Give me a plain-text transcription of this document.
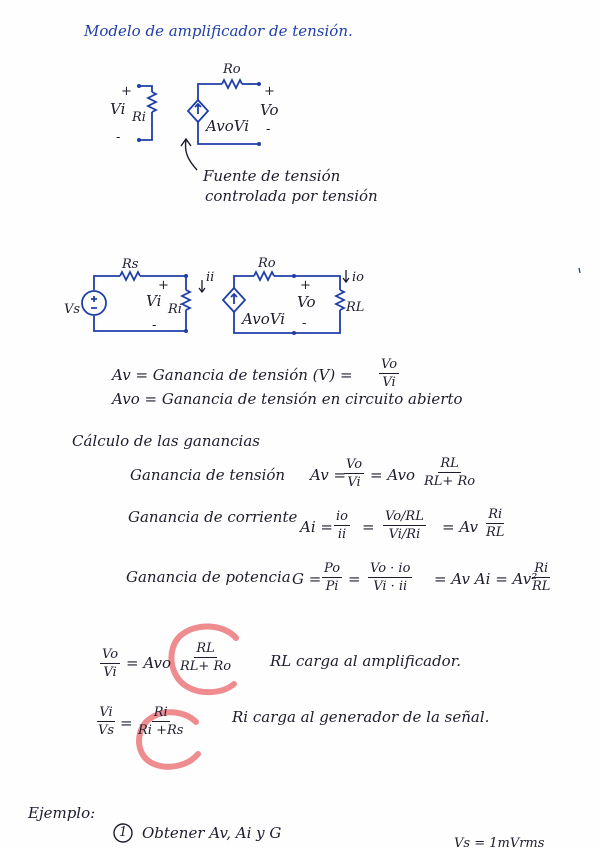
Modelo de amplificador de tensión.
Ro
+
Vi Ri
-
+
Vo
-
AvoVi
Fuente de tensión
controlada por tensión
Rs
Vs
+
Vi Ri
-
ii
Ro
+
Vo
-
AvoVi
io
RL
Av = Ganancia de tensión $(V) = \frac{Vo}{Vi}$
Avo = Ganancia de tensión en circuito abierto
Cálculo de las ganancias
Ganancia de tensión Av =
$\frac{Vo}{Vi}$ = Avo $\frac{RL}{RL+ Ro}$
Ganancia de corriente
$Ai = \frac{io}{ii} = \frac{Vo/RL}{Vi/Ri} = Av \frac{Ri}{RL}$
Ganancia de potencia $G = \frac{Po}{Pi} = \frac{Vo \cdot io}{Vi \cdot ii} = Av$ Ai = Av²
$\frac{Ri}{RL}$
$\frac{Vo}{Vi}$ = Avo $\frac{RL}{RL+ Ro}$ RL carga al amplificador.
$\frac{Vi}{Vs} = \frac{Ri}{Ri +Rs}$	Ri carga al generador de la señal.
Ejemplo:
1 Obtener Av, Ai y G
Vs = 1mVrms
